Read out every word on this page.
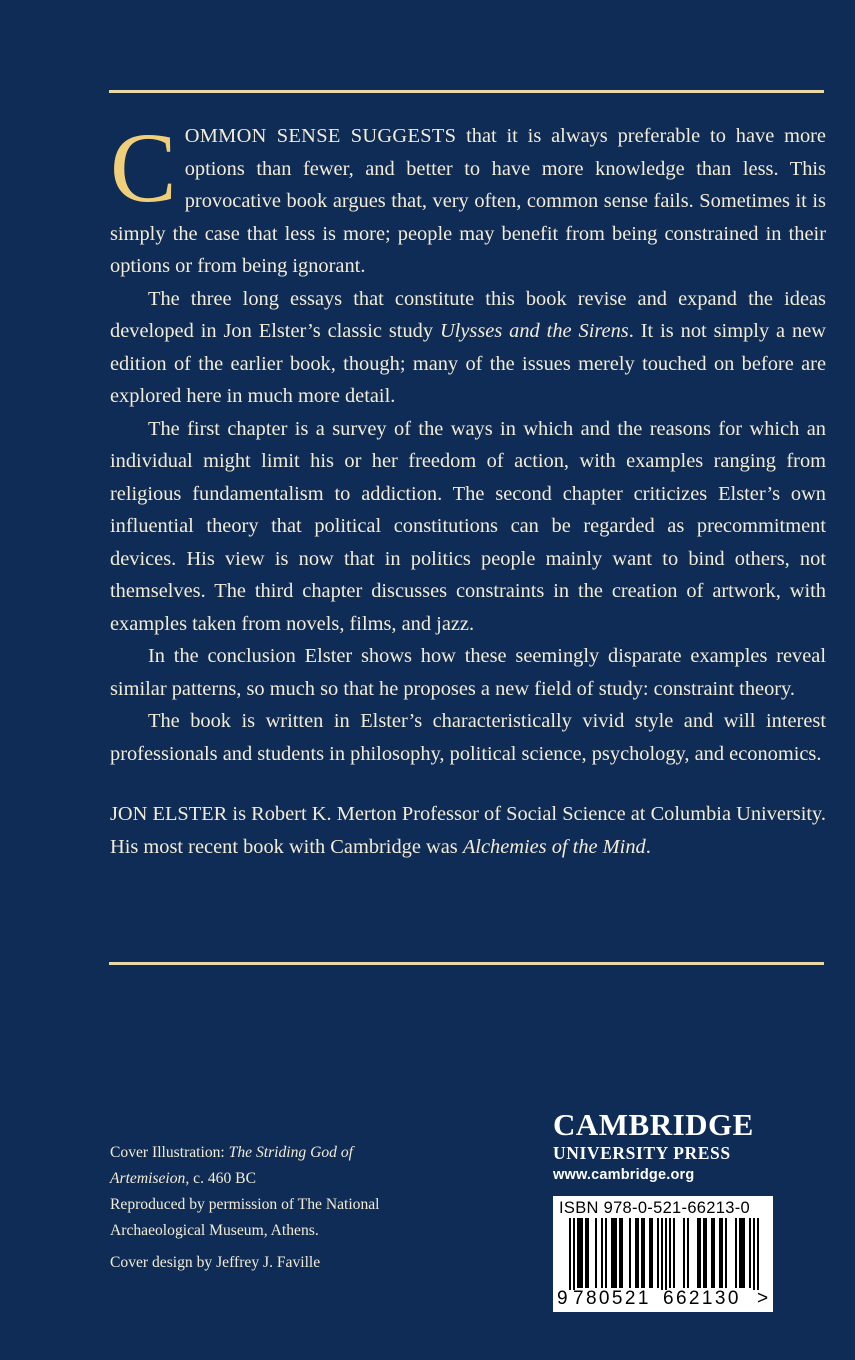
COMMON SENSE SUGGESTS that it is always preferable to have more options than fewer, and better to have more knowledge than less. This provocative book argues that, very often, common sense fails. Sometimes it is simply the case that less is more; people may benefit from being constrained in their options or from being ignorant.

The three long essays that constitute this book revise and expand the ideas developed in Jon Elster’s classic study Ulysses and the Sirens. It is not simply a new edition of the earlier book, though; many of the issues merely touched on before are explored here in much more detail.

The first chapter is a survey of the ways in which and the reasons for which an individual might limit his or her freedom of action, with examples ranging from religious fundamentalism to addiction. The second chapter criticizes Elster’s own influential theory that political constitutions can be regarded as precommitment devices. His view is now that in politics people mainly want to bind others, not themselves. The third chapter discusses constraints in the creation of artwork, with examples taken from novels, films, and jazz.

In the conclusion Elster shows how these seemingly disparate examples reveal similar patterns, so much so that he proposes a new field of study: constraint theory.

The book is written in Elster’s characteristically vivid style and will interest professionals and students in philosophy, political science, psychology, and economics.

JON ELSTER is Robert K. Merton Professor of Social Science at Columbia University. His most recent book with Cambridge was Alchemies of the Mind.

Cover Illustration: The Striding God of

Artemiseion, c. 460 BC

Reproduced by permission of The National

Archaeological Museum, Athens.

Cover design by Jeffrey J. Faville

CAMBRIDGE
UNIVERSITY PRESS
www.cambridge.org
ISBN 978-0-521-66213-0
9 780521 662130 >
